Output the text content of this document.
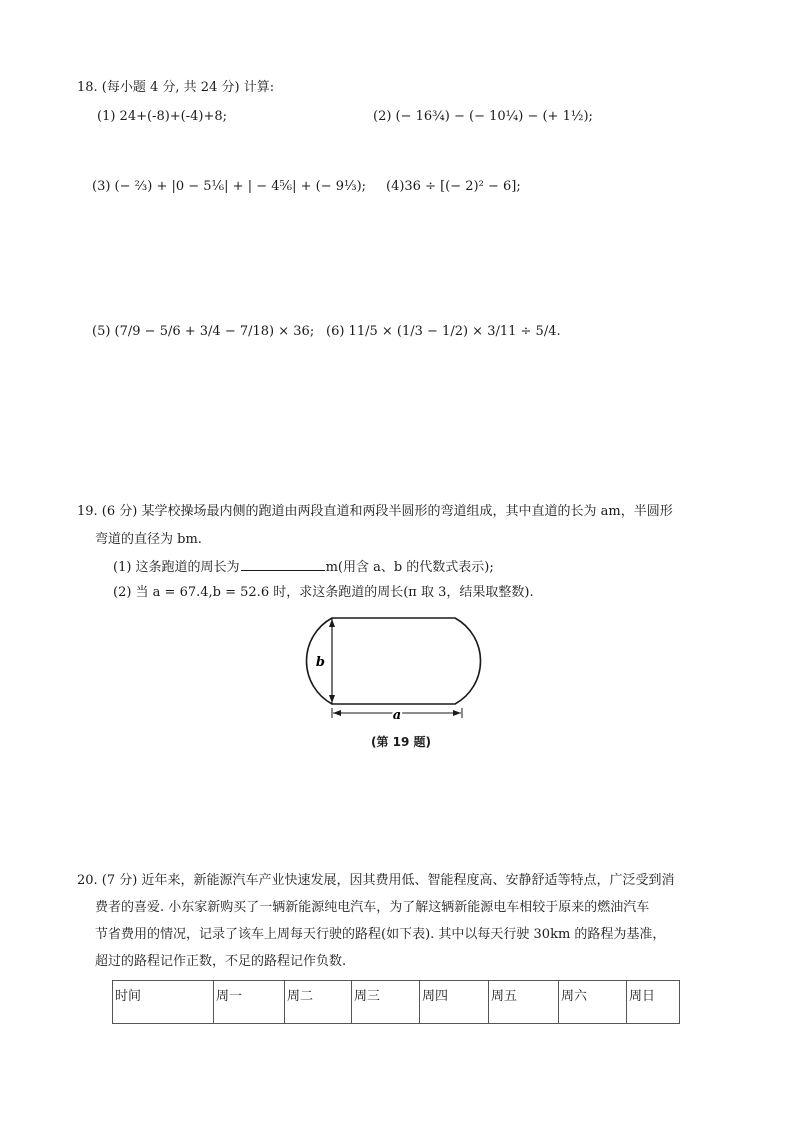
18. (每小题 4 分, 共 24 分) 计算:
(1) 24+(-8)+(-4)+8;	(2) (− 16¾) − (− 10¼) − (+ 1½);
(3) (− ⅔) + |0 − 5⅙| + | − 4⅚| + (− 9⅓); (4)36 ÷ [(− 2)² − 6];
(5) (7/9 − 5/6 + 3/4 − 7/18) × 36; (6) 11/5 × (1/3 − 1/2) × 3/11 ÷ 5/4.
19. (6 分) 某学校操场最内侧的跑道由两段直道和两段半圆形的弯道组成，其中直道的长为 am，半圆形
弯道的直径为 bm.
(1) 这条跑道的周长为	m(用含 a、b 的代数式表示);
(2) 当 a = 67.4,b = 52.6 时，求这条跑道的周长(π 取 3，结果取整数).
b
a
(第 19 题)
20. (7 分) 近年来，新能源汽车产业快速发展，因其费用低、智能程度高、安静舒适等特点，广泛受到消
费者的喜爱. 小东家新购买了一辆新能源纯电汽车，为了解这辆新能源电车相较于原来的燃油汽车
节省费用的情况，记录了该车上周每天行驶的路程(如下表). 其中以每天行驶 30km 的路程为基准，
超过的路程记作正数，不足的路程记作负数.
时间	周一	周二	周三	周四	周五	周六	周日
